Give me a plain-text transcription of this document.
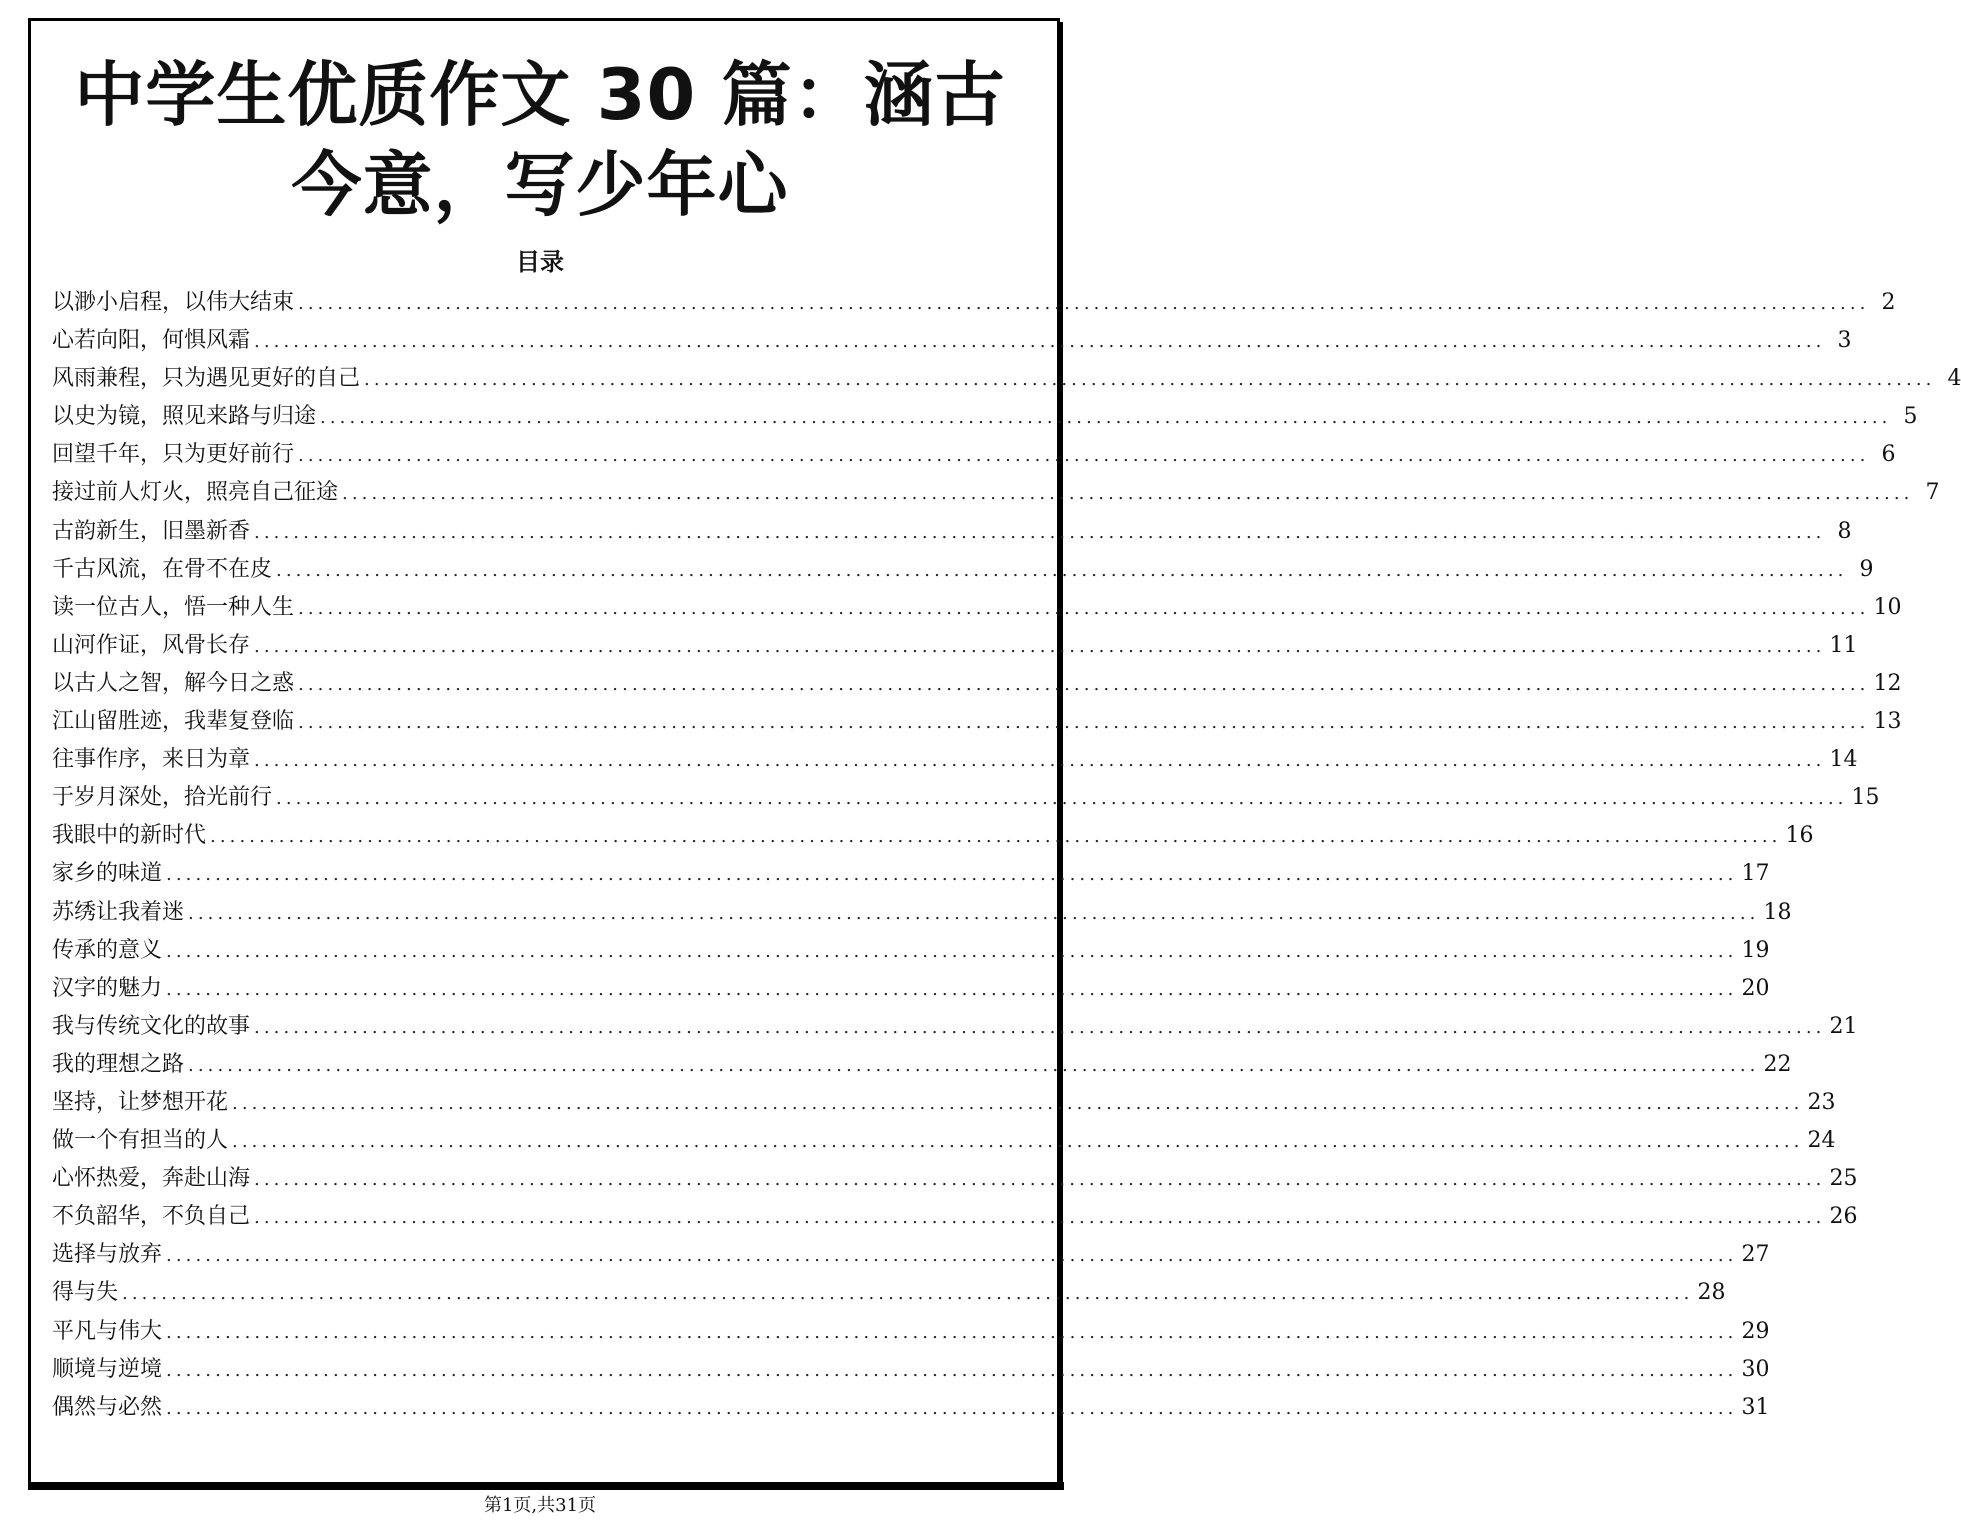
中学生优质作文 30 篇：涵古今意，写少年心
目录
以渺小启程，以伟大结束 ................................................................................................................................................................ 2
心若向阳，何惧风霜 ................................................................................................................................................................ 3
风雨兼程，只为遇见更好的自己 ................................................................................................................................................................ 4
以史为镜，照见来路与归途 ................................................................................................................................................................ 5
回望千年，只为更好前行 ................................................................................................................................................................ 6
接过前人灯火，照亮自己征途 ................................................................................................................................................................ 7
古韵新生，旧墨新香 ................................................................................................................................................................ 8
千古风流，在骨不在皮 ................................................................................................................................................................ 9
读一位古人，悟一种人生 ................................................................................................................................................................ 10
山河作证，风骨长存 ................................................................................................................................................................ 11
以古人之智，解今日之惑 ................................................................................................................................................................ 12
江山留胜迹，我辈复登临 ................................................................................................................................................................ 13
往事作序，来日为章 ................................................................................................................................................................ 14
于岁月深处，拾光前行 ................................................................................................................................................................ 15
我眼中的新时代 ................................................................................................................................................................ 16
家乡的味道 ................................................................................................................................................................ 17
苏绣让我着迷 ................................................................................................................................................................ 18
传承的意义 ................................................................................................................................................................ 19
汉字的魅力 ................................................................................................................................................................ 20
我与传统文化的故事 ................................................................................................................................................................ 21
我的理想之路 ................................................................................................................................................................ 22
坚持，让梦想开花 ................................................................................................................................................................ 23
做一个有担当的人 ................................................................................................................................................................ 24
心怀热爱，奔赴山海 ................................................................................................................................................................ 25
不负韶华，不负自己 ................................................................................................................................................................ 26
选择与放弃 ................................................................................................................................................................ 27
得与失 ................................................................................................................................................................ 28
平凡与伟大 ................................................................................................................................................................ 29
顺境与逆境 ................................................................................................................................................................ 30
偶然与必然 ................................................................................................................................................................ 31
第1页,共31页
